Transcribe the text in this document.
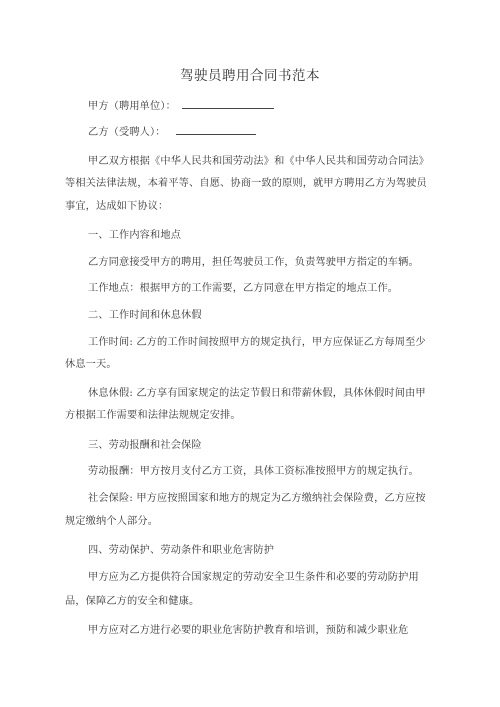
驾驶员聘用合同书范本
甲方（聘用单位）：
乙方（受聘人）：
甲乙双方根据《中华人民共和国劳动法》和《中华人民共和国劳动合同法》
等相关法律法规，本着平等、自愿、协商一致的原则，就甲方聘用乙方为驾驶员
事宜，达成如下协议：
一、工作内容和地点
乙方同意接受甲方的聘用，担任驾驶员工作，负责驾驶甲方指定的车辆。
工作地点：根据甲方的工作需要，乙方同意在甲方指定的地点工作。
二、工作时间和休息休假
工作时间: 乙方的工作时间按照甲方的规定执行，甲方应保证乙方每周至少
休息一天。
休息休假: 乙方享有国家规定的法定节假日和带薪休假，具体休假时间由甲
方根据工作需要和法律法规规定安排。
三、劳动报酬和社会保险
劳动报酬：甲方按月支付乙方工资，具体工资标准按照甲方的规定执行。
社会保险: 甲方应按照国家和地方的规定为乙方缴纳社会保险费，乙方应按
规定缴纳个人部分。
四、劳动保护、劳动条件和职业危害防护
甲方应为乙方提供符合国家规定的劳动安全卫生条件和必要的劳动防护用
品，保障乙方的安全和健康。
甲方应对乙方进行必要的职业危害防护教育和培训，预防和减少职业危
